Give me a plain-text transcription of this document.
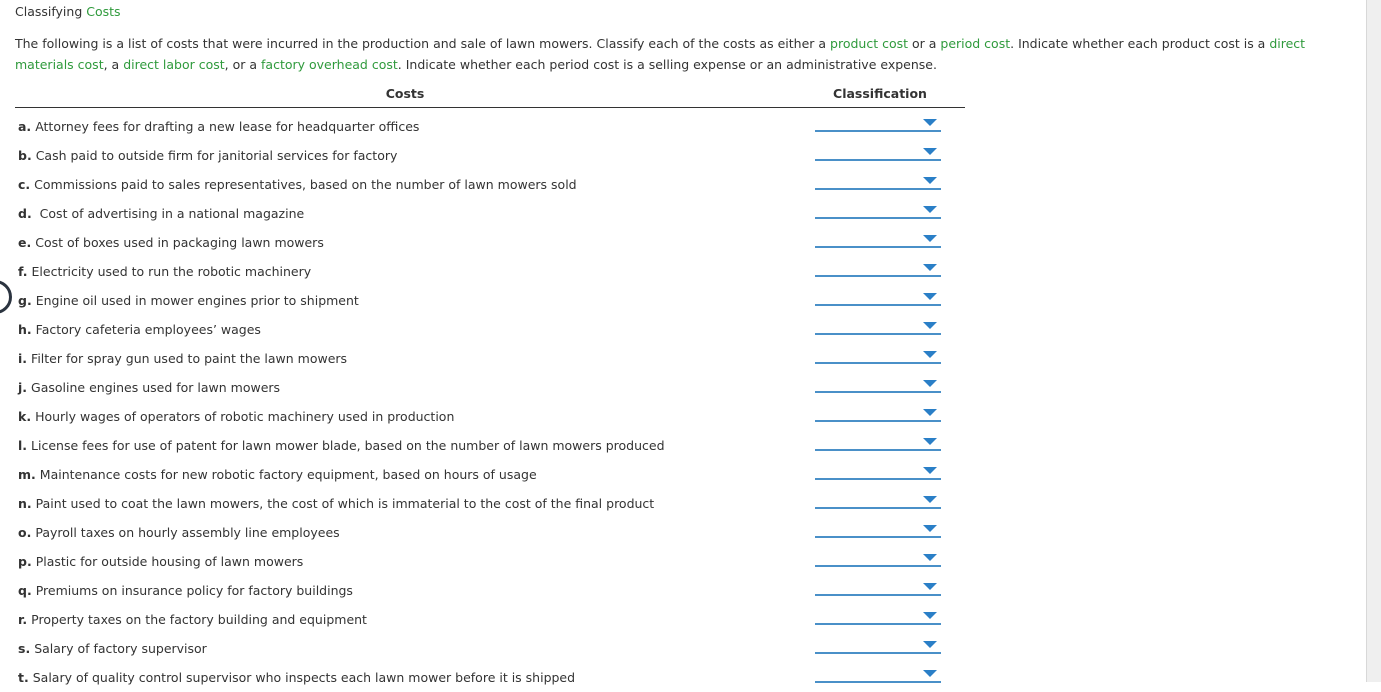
Classifying Costs
The following is a list of costs that were incurred in the production and sale of lawn mowers. Classify each of the costs as either a product cost or a period cost. Indicate whether each product cost is a direct materials cost, a direct labor cost, or a factory overhead cost. Indicate whether each period cost is a selling expense or an administrative expense.
Costs	Classification
a. Attorney fees for drafting a new lease for headquarter offices
b. Cash paid to outside firm for janitorial services for factory
c. Commissions paid to sales representatives, based on the number of lawn mowers sold
d. Cost of advertising in a national magazine
e. Cost of boxes used in packaging lawn mowers
f. Electricity used to run the robotic machinery
g. Engine oil used in mower engines prior to shipment
h. Factory cafeteria employees’ wages
i. Filter for spray gun used to paint the lawn mowers
j. Gasoline engines used for lawn mowers
k. Hourly wages of operators of robotic machinery used in production
l. License fees for use of patent for lawn mower blade, based on the number of lawn mowers produced
m. Maintenance costs for new robotic factory equipment, based on hours of usage
n. Paint used to coat the lawn mowers, the cost of which is immaterial to the cost of the final product
o. Payroll taxes on hourly assembly line employees
p. Plastic for outside housing of lawn mowers
q. Premiums on insurance policy for factory buildings
r. Property taxes on the factory building and equipment
s. Salary of factory supervisor
t. Salary of quality control supervisor who inspects each lawn mower before it is shipped
